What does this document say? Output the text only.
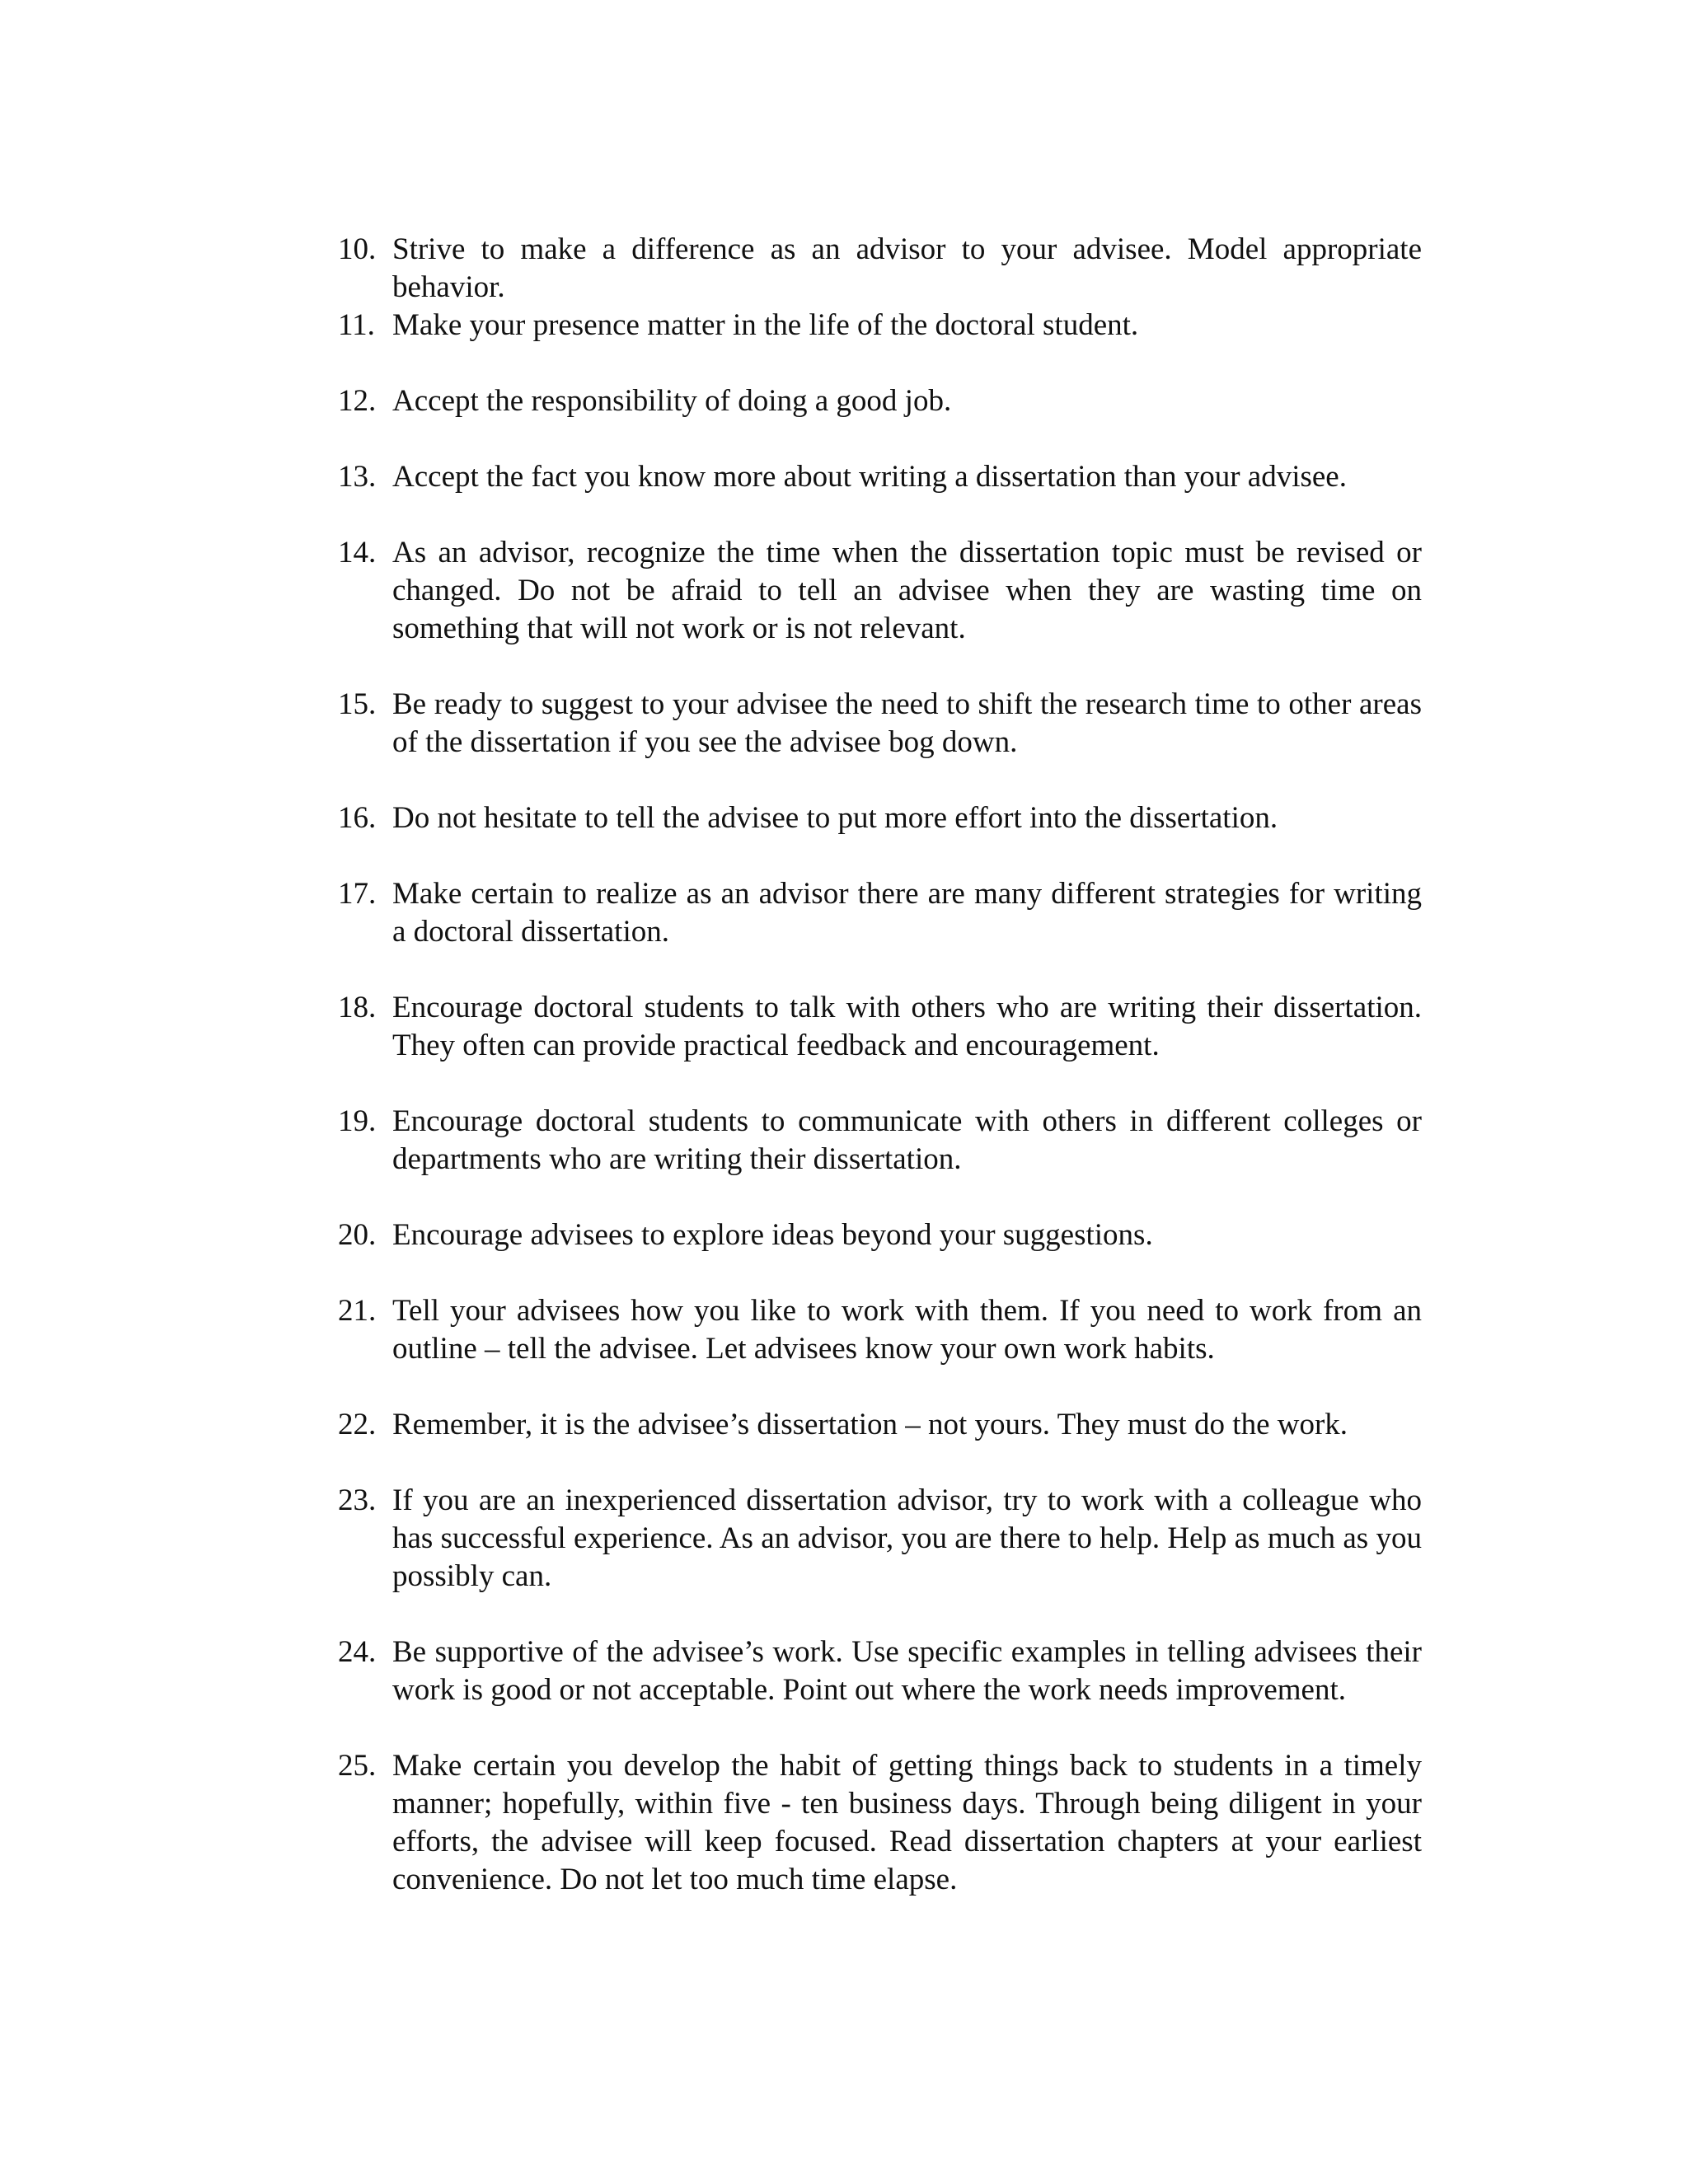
10. Strive to make a difference as an advisor to your advisee. Model appropriate behavior.
11. Make your presence matter in the life of the doctoral student.
12. Accept the responsibility of doing a good job.
13. Accept the fact you know more about writing a dissertation than your advisee.
14. As an advisor, recognize the time when the dissertation topic must be revised or changed. Do not be afraid to tell an advisee when they are wasting time on something that will not work or is not relevant.
15. Be ready to suggest to your advisee the need to shift the research time to other areas of the dissertation if you see the advisee bog down.
16. Do not hesitate to tell the advisee to put more effort into the dissertation.
17. Make certain to realize as an advisor there are many different strategies for writing a doctoral dissertation.
18. Encourage doctoral students to talk with others who are writing their dissertation. They often can provide practical feedback and encouragement.
19. Encourage doctoral students to communicate with others in different colleges or departments who are writing their dissertation.
20. Encourage advisees to explore ideas beyond your suggestions.
21. Tell your advisees how you like to work with them. If you need to work from an outline – tell the advisee. Let advisees know your own work habits.
22. Remember, it is the advisee’s dissertation – not yours. They must do the work.
23. If you are an inexperienced dissertation advisor, try to work with a colleague who has successful experience. As an advisor, you are there to help. Help as much as you possibly can.
24. Be supportive of the advisee’s work. Use specific examples in telling advisees their work is good or not acceptable. Point out where the work needs improvement.
25. Make certain you develop the habit of getting things back to students in a timely manner; hopefully, within five - ten business days. Through being diligent in your efforts, the advisee will keep focused. Read dissertation chapters at your earliest convenience. Do not let too much time elapse.
